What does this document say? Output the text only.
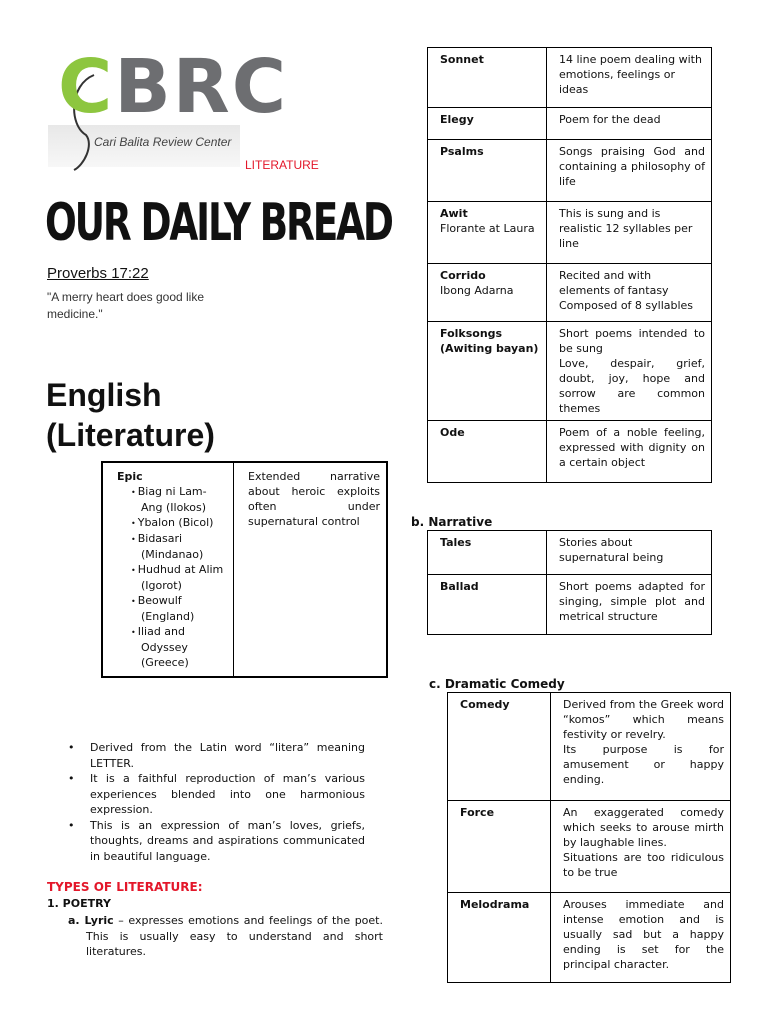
CBRC
Cari Balita Review Center
LITERATURE
OUR DAILY BREAD
Proverbs 17:22
"A merry heart does good like medicine."
English (Literature)
Epic
• Biag ni Lam-Ang (Ilokos)
• Ybalon (Bicol)
• Bidasari (Mindanao)
• Hudhud at Alim (Igorot)
• Beowulf (England)
• Iliad and Odyssey (Greece)
	Extended narrative about heroic exploits often under supernatural control
• Derived from the Latin word “litera” meaning LETTER.
• It is a faithful reproduction of man’s various experiences blended into one harmonious expression.
• This is an expression of man’s loves, griefs, thoughts, dreams and aspirations communicated in beautiful language.
TYPES OF LITERATURE:
1. POETRY
a. Lyric – expresses emotions and feelings of the poet. This is usually easy to understand and short literatures.
Sonnet	14 line poem dealing with emotions, feelings or ideas
Elegy	Poem for the dead
Psalms	Songs praising God and containing a philosophy of life
Awit
Florante at Laura	This is sung and is realistic 12 syllables per line
Corrido
Ibong Adarna	Recited and with elements of fantasy
Composed of 8 syllables
Folksongs (Awiting bayan)	Short poems intended to be sung
Love, despair, grief, doubt, joy, hope and sorrow are common themes
Ode	Poem of a noble feeling, expressed with dignity on a certain object
b. Narrative
Tales	Stories about supernatural being
Ballad	Short poems adapted for singing, simple plot and metrical structure
c. Dramatic Comedy
Comedy	Derived from the Greek word “komos” which means festivity or revelry.
Its purpose is for amusement or happy ending.
Force	An exaggerated comedy which seeks to arouse mirth by laughable lines.
Situations are too ridiculous to be true
Melodrama	Arouses immediate and intense emotion and is usually sad but a happy ending is set for the principal character.
